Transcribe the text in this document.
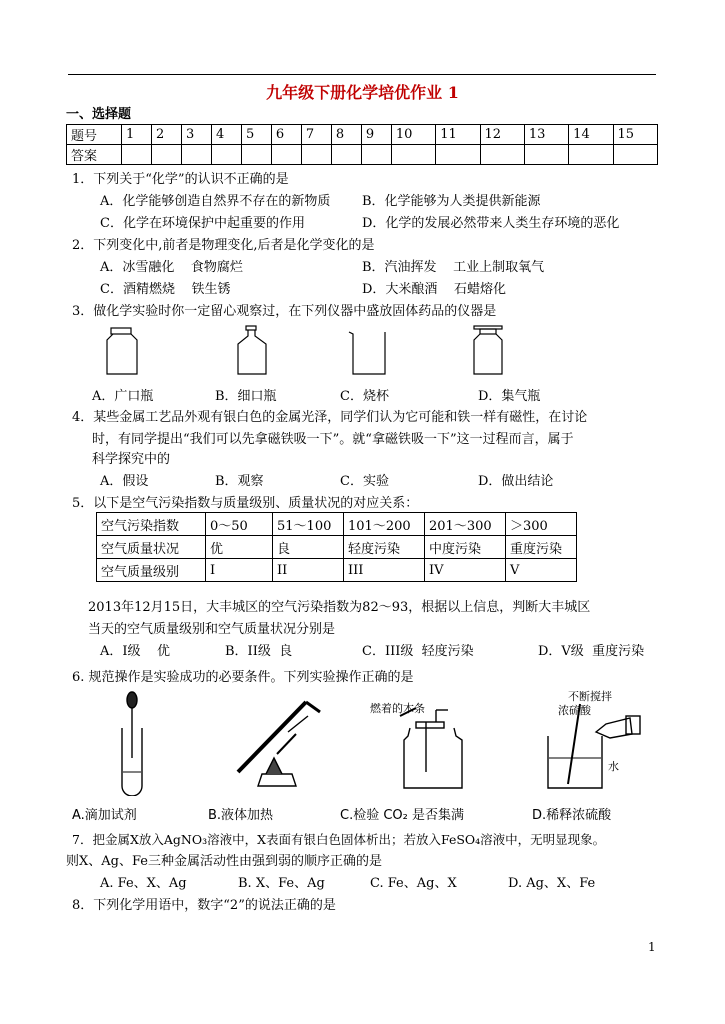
九年级下册化学培优作业 1
一、选择题
题号	1	2	3	4	5	6	7	8	9	10	11	12	13	14	15
答案															
1．下列关于“化学”的认识不正确的是
A．化学能够创造自然界不存在的新物质 B．化学能够为人类提供新能源
C．化学在环境保护中起重要的作用	D．化学的发展必然带来人类生存环境的恶化
2．下列变化中,前者是物理变化,后者是化学变化的是
A．冰雪融化    食物腐烂	B．汽油挥发    工业上制取氧气
C．酒精燃烧    铁生锈	D．大米酿酒    石蜡熔化
3．做化学实验时你一定留心观察过，在下列仪器中盛放固体药品的仪器是
A．广口瓶	B．细口瓶	C．烧杯	D．集气瓶
4．某些金属工艺品外观有银白色的金属光泽，同学们认为它可能和铁一样有磁性，在讨论
时，有同学提出“我们可以先拿磁铁吸一下”。就“拿磁铁吸一下”这一过程而言，属于
科学探究中的
A．假设	B．观察	C．实验	D．做出结论
5．以下是空气污染指数与质量级别、质量状况的对应关系：
空气污染指数	0～50	51～100	101～200	201～300	＞300
空气质量状况	优	良	轻度污染	中度污染	重度污染
空气质量级别	I	II	III	IV	V
2013年12月15日，大丰城区的空气污染指数为82～93，根据以上信息，判断大丰城区
当天的空气质量级别和空气质量状况分别是
A．I级    优	B．II级  良	C．III级  轻度污染	D．V级  重度污染
6. 规范操作是实验成功的必要条件。下列实验操作正确的是
燃着的木条
不断搅拌
浓硫酸
水
A.滴加试剂	B.液体加热	C.检验 CO₂ 是否集满	D.稀释浓硫酸
7．把金属X放入AgNO₃溶液中，X表面有银白色固体析出；若放入FeSO₄溶液中，无明显现象。
则X、Ag、Fe三种金属活动性由强到弱的顺序正确的是
A. Fe、X、Ag	B. X、Fe、Ag	C. Fe、Ag、X	D. Ag、X、Fe
8．下列化学用语中，数字“2”的说法正确的是
1
